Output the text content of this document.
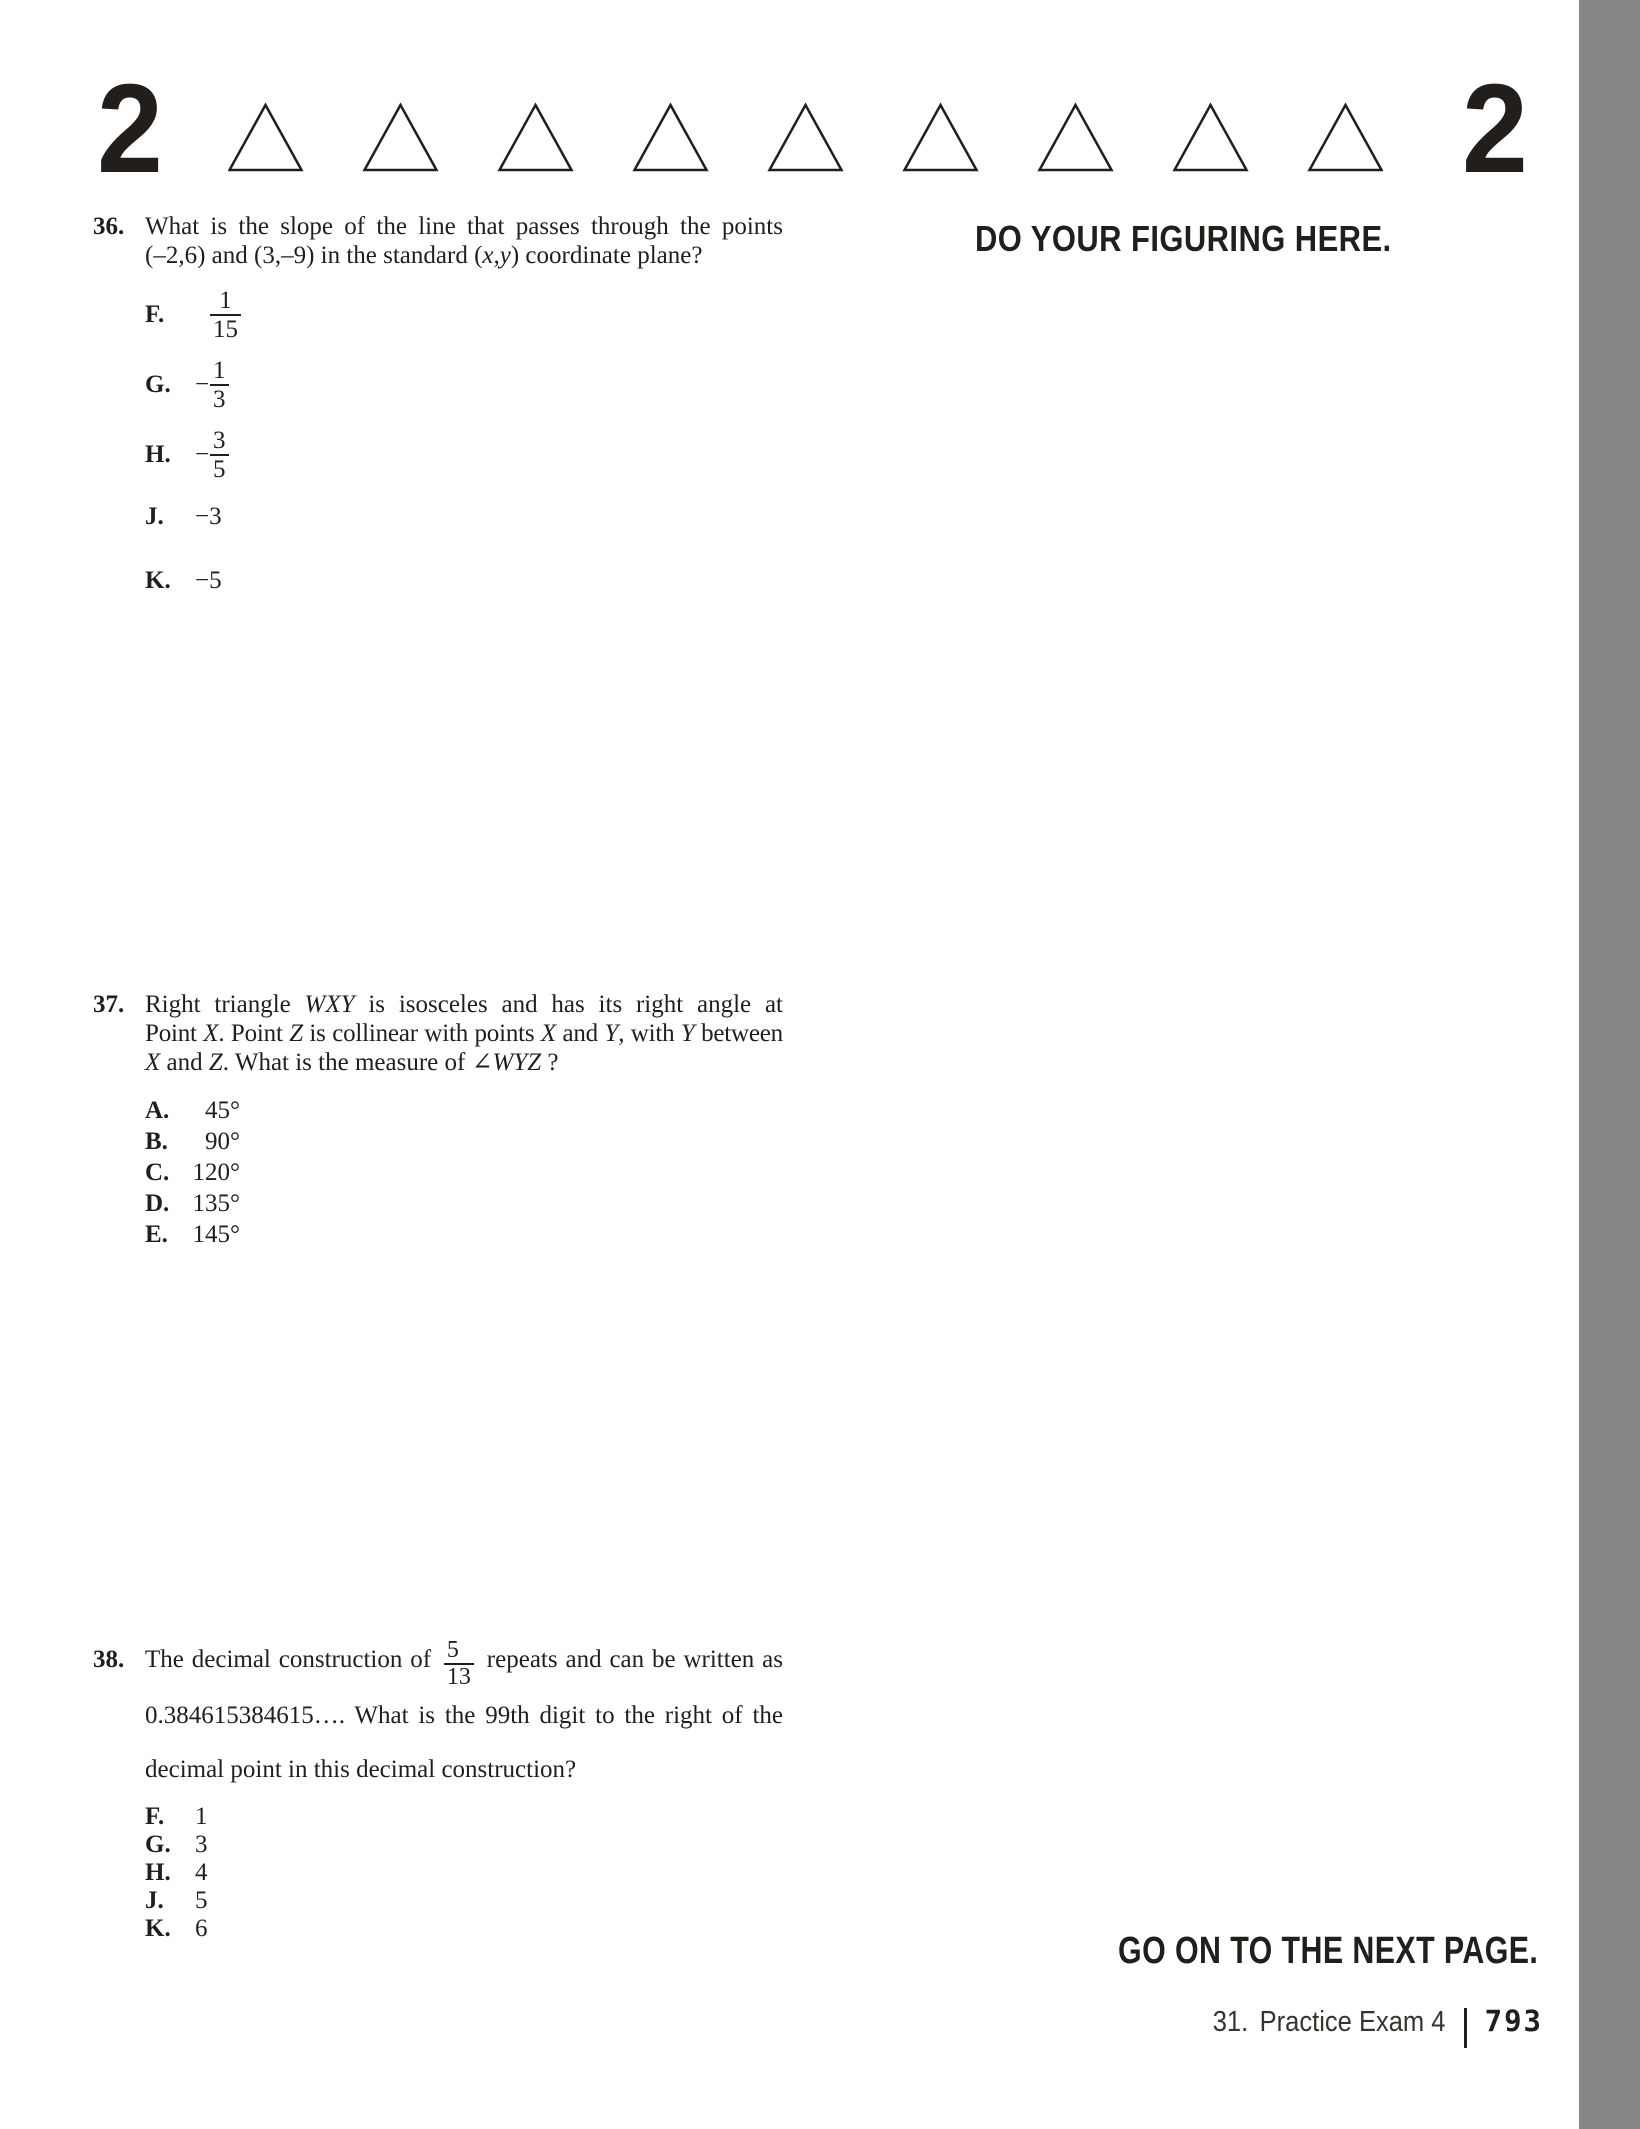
2	2
DO YOUR FIGURING HERE.
36. What is the slope of the line that passes through the points
(–2,6) and (3,–9) in the standard (x,y) coordinate plane?
F.
	$\frac{1}{15}$
G. − $\frac{1}{3}$
H. − $\frac{3}{5}$
J.	−3
K. −5
37. Right triangle WXY is isosceles and has its right angle at
Point X. Point Z is collinear with points X and Y, with Y between
X and Z. What is the measure of ∠WYZ ?
A.	45°
B.	90°
C. 120°
D. 135°
E. 145°
38. The decimal construction of $\frac{5}{13}$ repeats and can be written as
0.384615384615…. What is the 99th digit to the right of the
decimal point in this decimal construction?
F.	1
G. 3
H. 4
J.	5
K. 6
GO ON TO THE NEXT PAGE.
31. Practice Exam 4 793
